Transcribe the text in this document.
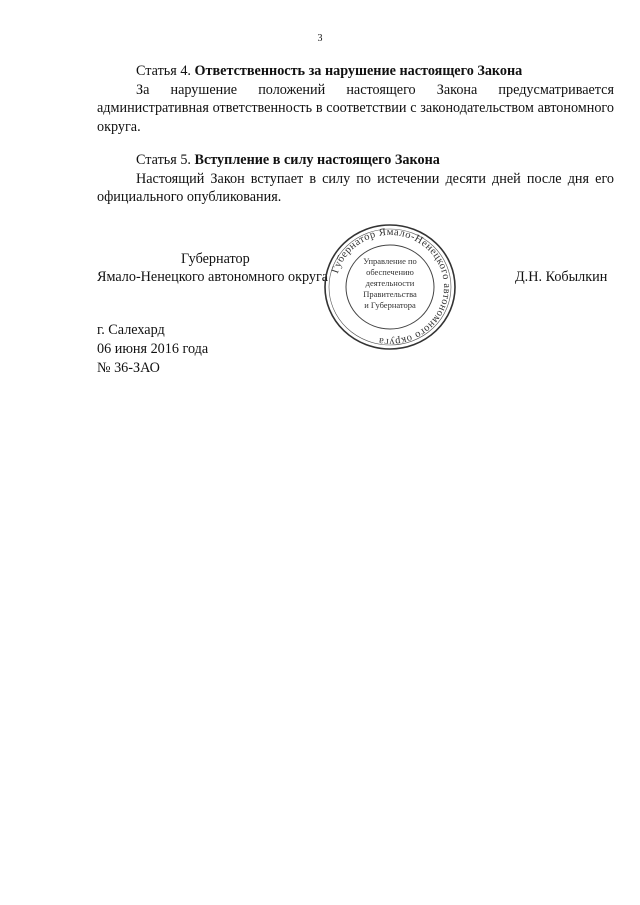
3
Статья 4. Ответственность за нарушение настоящего Закона
За нарушение положений настоящего Закона предусматривается административная ответственность в соответствии с законодательством автономного округа.
Статья 5. Вступление в силу настоящего Закона
Настоящий Закон вступает в силу по истечении десяти дней после дня его официального опубликования.
Губернатор
Ямало-Ненецкого автономного округа	Д.Н. Кобылкин
Губернатор Ямало-Ненецкого автономного округа
Управление по
обеспечению
деятельности
Правительства
и Губернатора
г. Салехард
06 июня 2016 года
№ 36-ЗАО
